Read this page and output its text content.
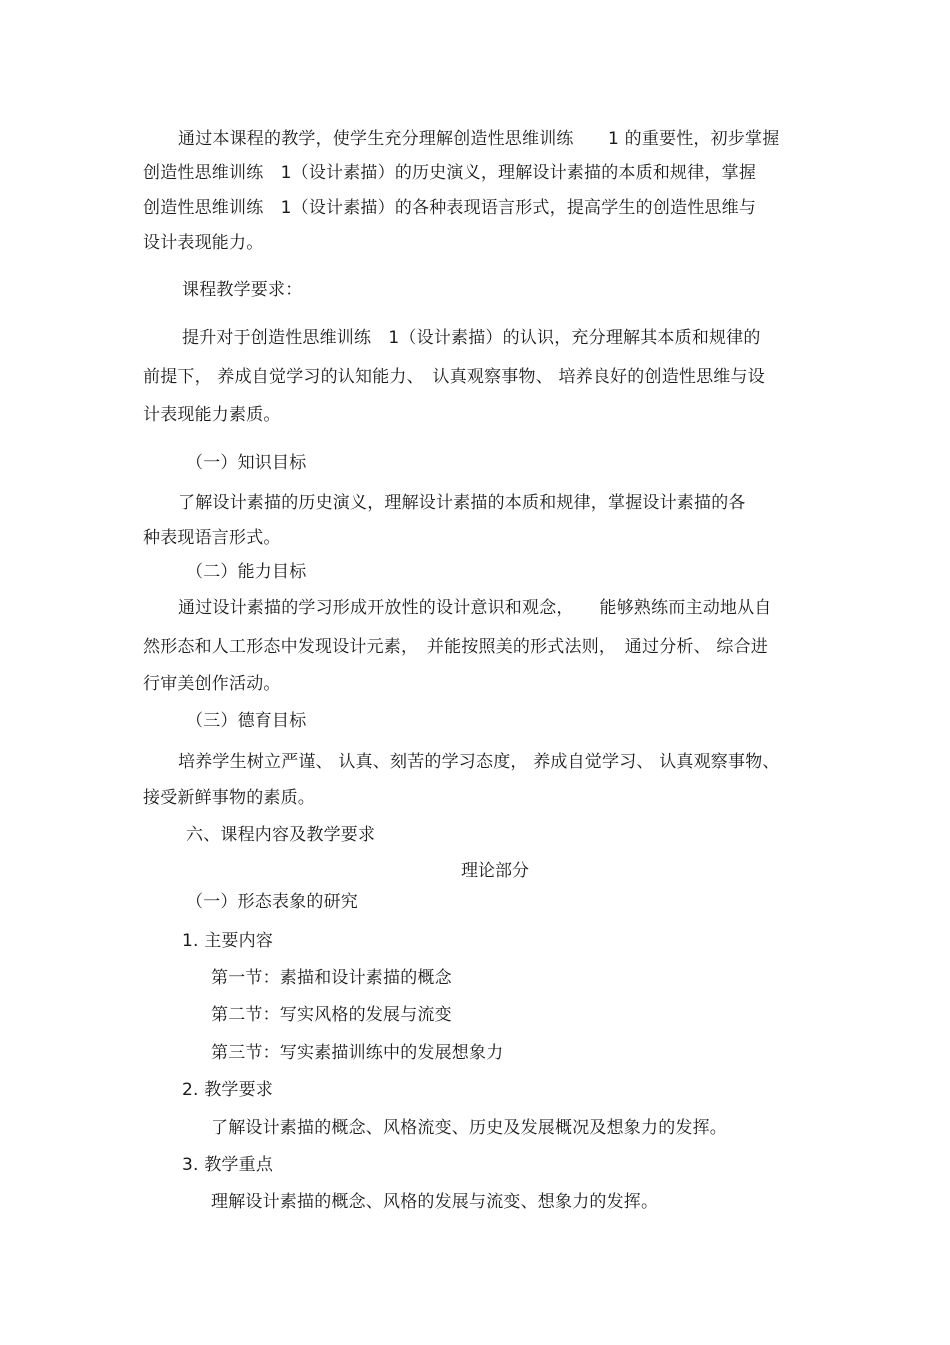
通过本课程的教学，使学生充分理解创造性思维训练　　1 的重要性，初步掌握
创造性思维训练　1（设计素描）的历史演义，理解设计素描的本质和规律，掌握
创造性思维训练　1（设计素描）的各种表现语言形式，提高学生的创造性思维与
设计表现能力。
课程教学要求：
提升对于创造性思维训练　1（设计素描）的认识，充分理解其本质和规律的
前提下， 养成自觉学习的认知能力、　认真观察事物、 培养良好的创造性思维与设
计表现能力素质。
（一）知识目标
了解设计素描的历史演义，理解设计素描的本质和规律，掌握设计素描的各
种表现语言形式。
（二）能力目标
通过设计素描的学习形成开放性的设计意识和观念，　　能够熟练而主动地从自
然形态和人工形态中发现设计元素，　并能按照美的形式法则，　通过分析、 综合进
行审美创作活动。
（三）德育目标
培养学生树立严谨、 认真、刻苦的学习态度， 养成自觉学习、 认真观察事物、
接受新鲜事物的素质。
六、课程内容及教学要求
理论部分
（一）形态表象的研究
1. 主要内容
第一节：素描和设计素描的概念
第二节：写实风格的发展与流变
第三节：写实素描训练中的发展想象力
2. 教学要求
了解设计素描的概念、风格流变、历史及发展概况及想象力的发挥。
3. 教学重点
理解设计素描的概念、风格的发展与流变、想象力的发挥。
